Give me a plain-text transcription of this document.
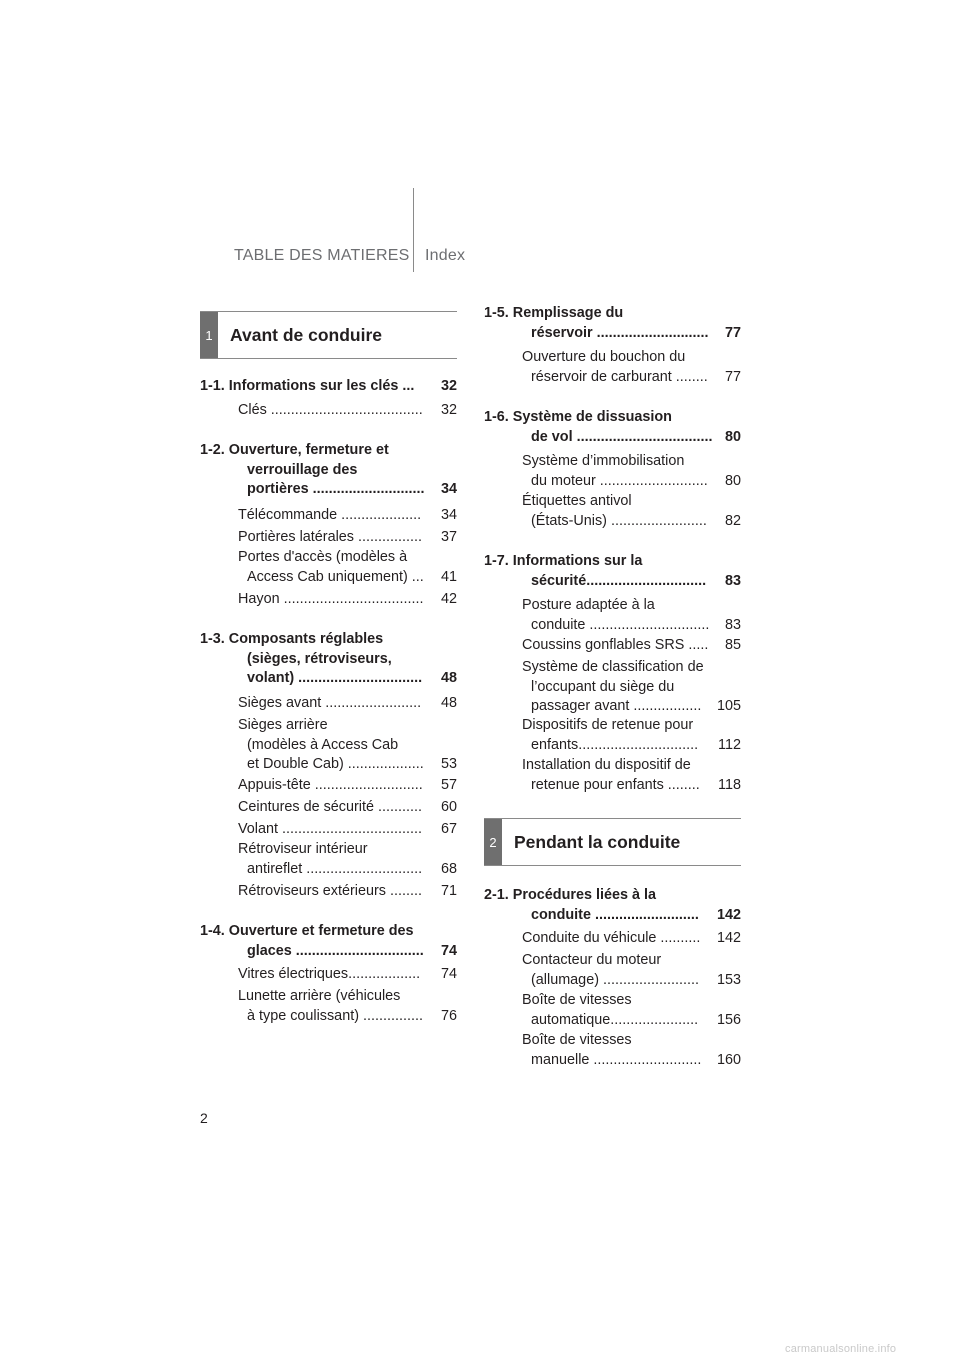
TABLE DES MATIERES Index
1 Avant de conduire
2 Pendant la conduite
1-1. Informations sur les clés ... 32
Clés ...................................... 32
1-2. Ouverture, fermeture et
verrouillage des
portières ............................ 34
Télécommande .................... 34
Portières latérales ................ 37
Portes d'accès (modèles à
Access Cab uniquement) ... 41
Hayon ................................... 42
1-3. Composants réglables
(sièges, rétroviseurs,
volant) ............................... 48
Sièges avant ........................ 48
Sièges arrière
(modèles à Access Cab
et Double Cab) ................... 53
Appuis-tête ........................... 57
Ceintures de sécurité ........... 60
Volant ................................... 67
Rétroviseur intérieur
antireflet ............................. 68
Rétroviseurs extérieurs ........ 71
1-4. Ouverture et fermeture des
glaces ................................ 74
Vitres électriques.................. 74
Lunette arrière (véhicules
à type coulissant) ............... 76
1-5. Remplissage du
réservoir ............................ 77
Ouverture du bouchon du
réservoir de carburant ........ 77
1-6. Système de dissuasion
de vol .................................. 80
Système d’immobilisation
du moteur ........................... 80
Étiquettes antivol
(États-Unis) ........................ 82
1-7. Informations sur la
sécurité.............................. 83
Posture adaptée à la
conduite .............................. 83
Coussins gonflables SRS ..... 85
Système de classification de
l’occupant du siège du
passager avant ................. 105
Dispositifs de retenue pour
enfants.............................. 112
Installation du dispositif de
retenue pour enfants ........ 118
2-1. Procédures liées à la
conduite .......................... 142
Conduite du véhicule .......... 142
Contacteur du moteur
(allumage) ........................ 153
Boîte de vitesses
automatique...................... 156
Boîte de vitesses
manuelle ........................... 160
2
carmanualsonline.info
